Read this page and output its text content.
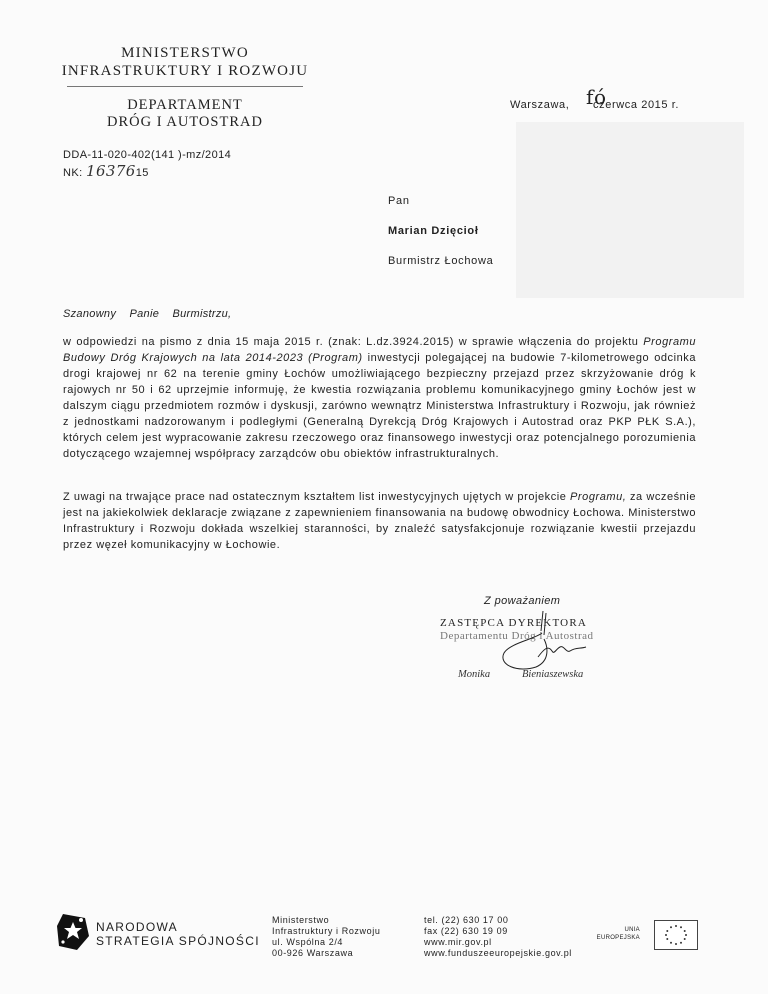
MINISTERSTWO
INFRASTRUKTURY I ROZWOJU
DEPARTAMENT
DRÓG I AUTOSTRAD
Warszawa, fó
czerwca 2015 r.
DDA-11-020-402(141 )-mz/2014
NK: 1637615
Pan
Marian Dzięcioł
Burmistrz Łochowa
Szanowny Panie Burmistrzu,
w odpowiedzi na pismo z dnia 15 maja 2015 r. (znak: L.dz.3924.2015) w sprawie włączenia do projektu Programu Budowy Dróg Krajowych na lata 2014-2023 (Program) inwestycji polegającej na budowie 7-kilometrowego odcinka drogi krajowej nr 62 na terenie gminy Łochów umożliwiającego bezpieczny przejazd przez skrzyżowanie dróg k rajowych nr 50 i 62 uprzejmie informuję, że kwestia rozwiązania problemu komunikacyjnego gminy Łochów jest w dalszym ciągu przedmiotem rozmów i dyskusji, zarówno wewnątrz Ministerstwa Infrastruktury i Rozwoju, jak również z jednostkami nadzorowanym i podległymi (Generalną Dyrekcją Dróg Krajowych i Autostrad oraz PKP PŁK S.A.), których celem jest wypracowanie zakresu rzeczowego oraz finansowego inwestycji oraz potencjalnego porozumienia dotyczącego wzajemnej współpracy zarządców obu obiektów infrastrukturalnych.
Z uwagi na trwające prace nad ostatecznym kształtem list inwestycyjnych ujętych w projekcie Programu, za wcześnie jest na jakiekolwiek deklaracje związane z zapewnieniem finansowania na budowę obwodnicy Łochowa. Ministerstwo Infrastruktury i Rozwoju dokłada wszelkiej staranności, by znaleźć satysfakcjonuje rozwiązanie kwestii przejazdu przez węzeł komunikacyjny w Łochowie.
Z poważaniem
ZASTĘPCA DYREKTORA
Departamentu Dróg i Autostrad
Monika	Bieniaszewska
NARODOWA
STRATEGIA SPÓJNOŚCI
Ministerstwo
Infrastruktury i Rozwoju
ul. Wspólna 2/4
00-926 Warszawa
tel. (22) 630 17 00
fax (22) 630 19 09
www.mir.gov.pl
www.funduszeeuropejskie.gov.pl
UNIA
EUROPEJSKA
